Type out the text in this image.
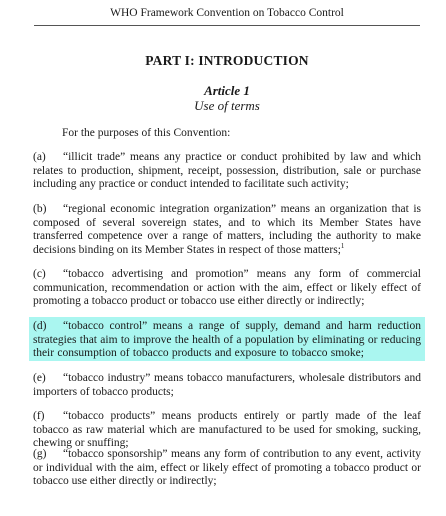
WHO Framework Convention on Tobacco Control
PART I: INTRODUCTION
Article 1
Use of terms
For the purposes of this Convention:
(a) “illicit trade” means any practice or conduct prohibited by law and which relates to production, shipment, receipt, possession, distribution, sale or purchase including any practice or conduct intended to facilitate such activity;
(b) “regional economic integration organization” means an organization that is composed of several sovereign states, and to which its Member States have transferred competence over a range of matters, including the authority to make decisions binding on its Member States in respect of those matters;$^1$
(c) “tobacco advertising and promotion” means any form of commercial communication, recommendation or action with the aim, effect or likely effect of promoting a tobacco product or tobacco use either directly or indirectly;
(d) “tobacco control” means a range of supply, demand and harm reduction strategies that aim to improve the health of a population by eliminating or reducing their consumption of tobacco products and exposure to tobacco smoke;
(e) “tobacco industry” means tobacco manufacturers, wholesale distributors and importers of tobacco products;
(f) “tobacco products” means products entirely or partly made of the leaf tobacco as raw material which are manufactured to be used for smoking, sucking, chewing or snuffing;
(g) “tobacco sponsorship” means any form of contribution to any event, activity or individual with the aim, effect or likely effect of promoting a tobacco product or tobacco use either directly or indirectly;
